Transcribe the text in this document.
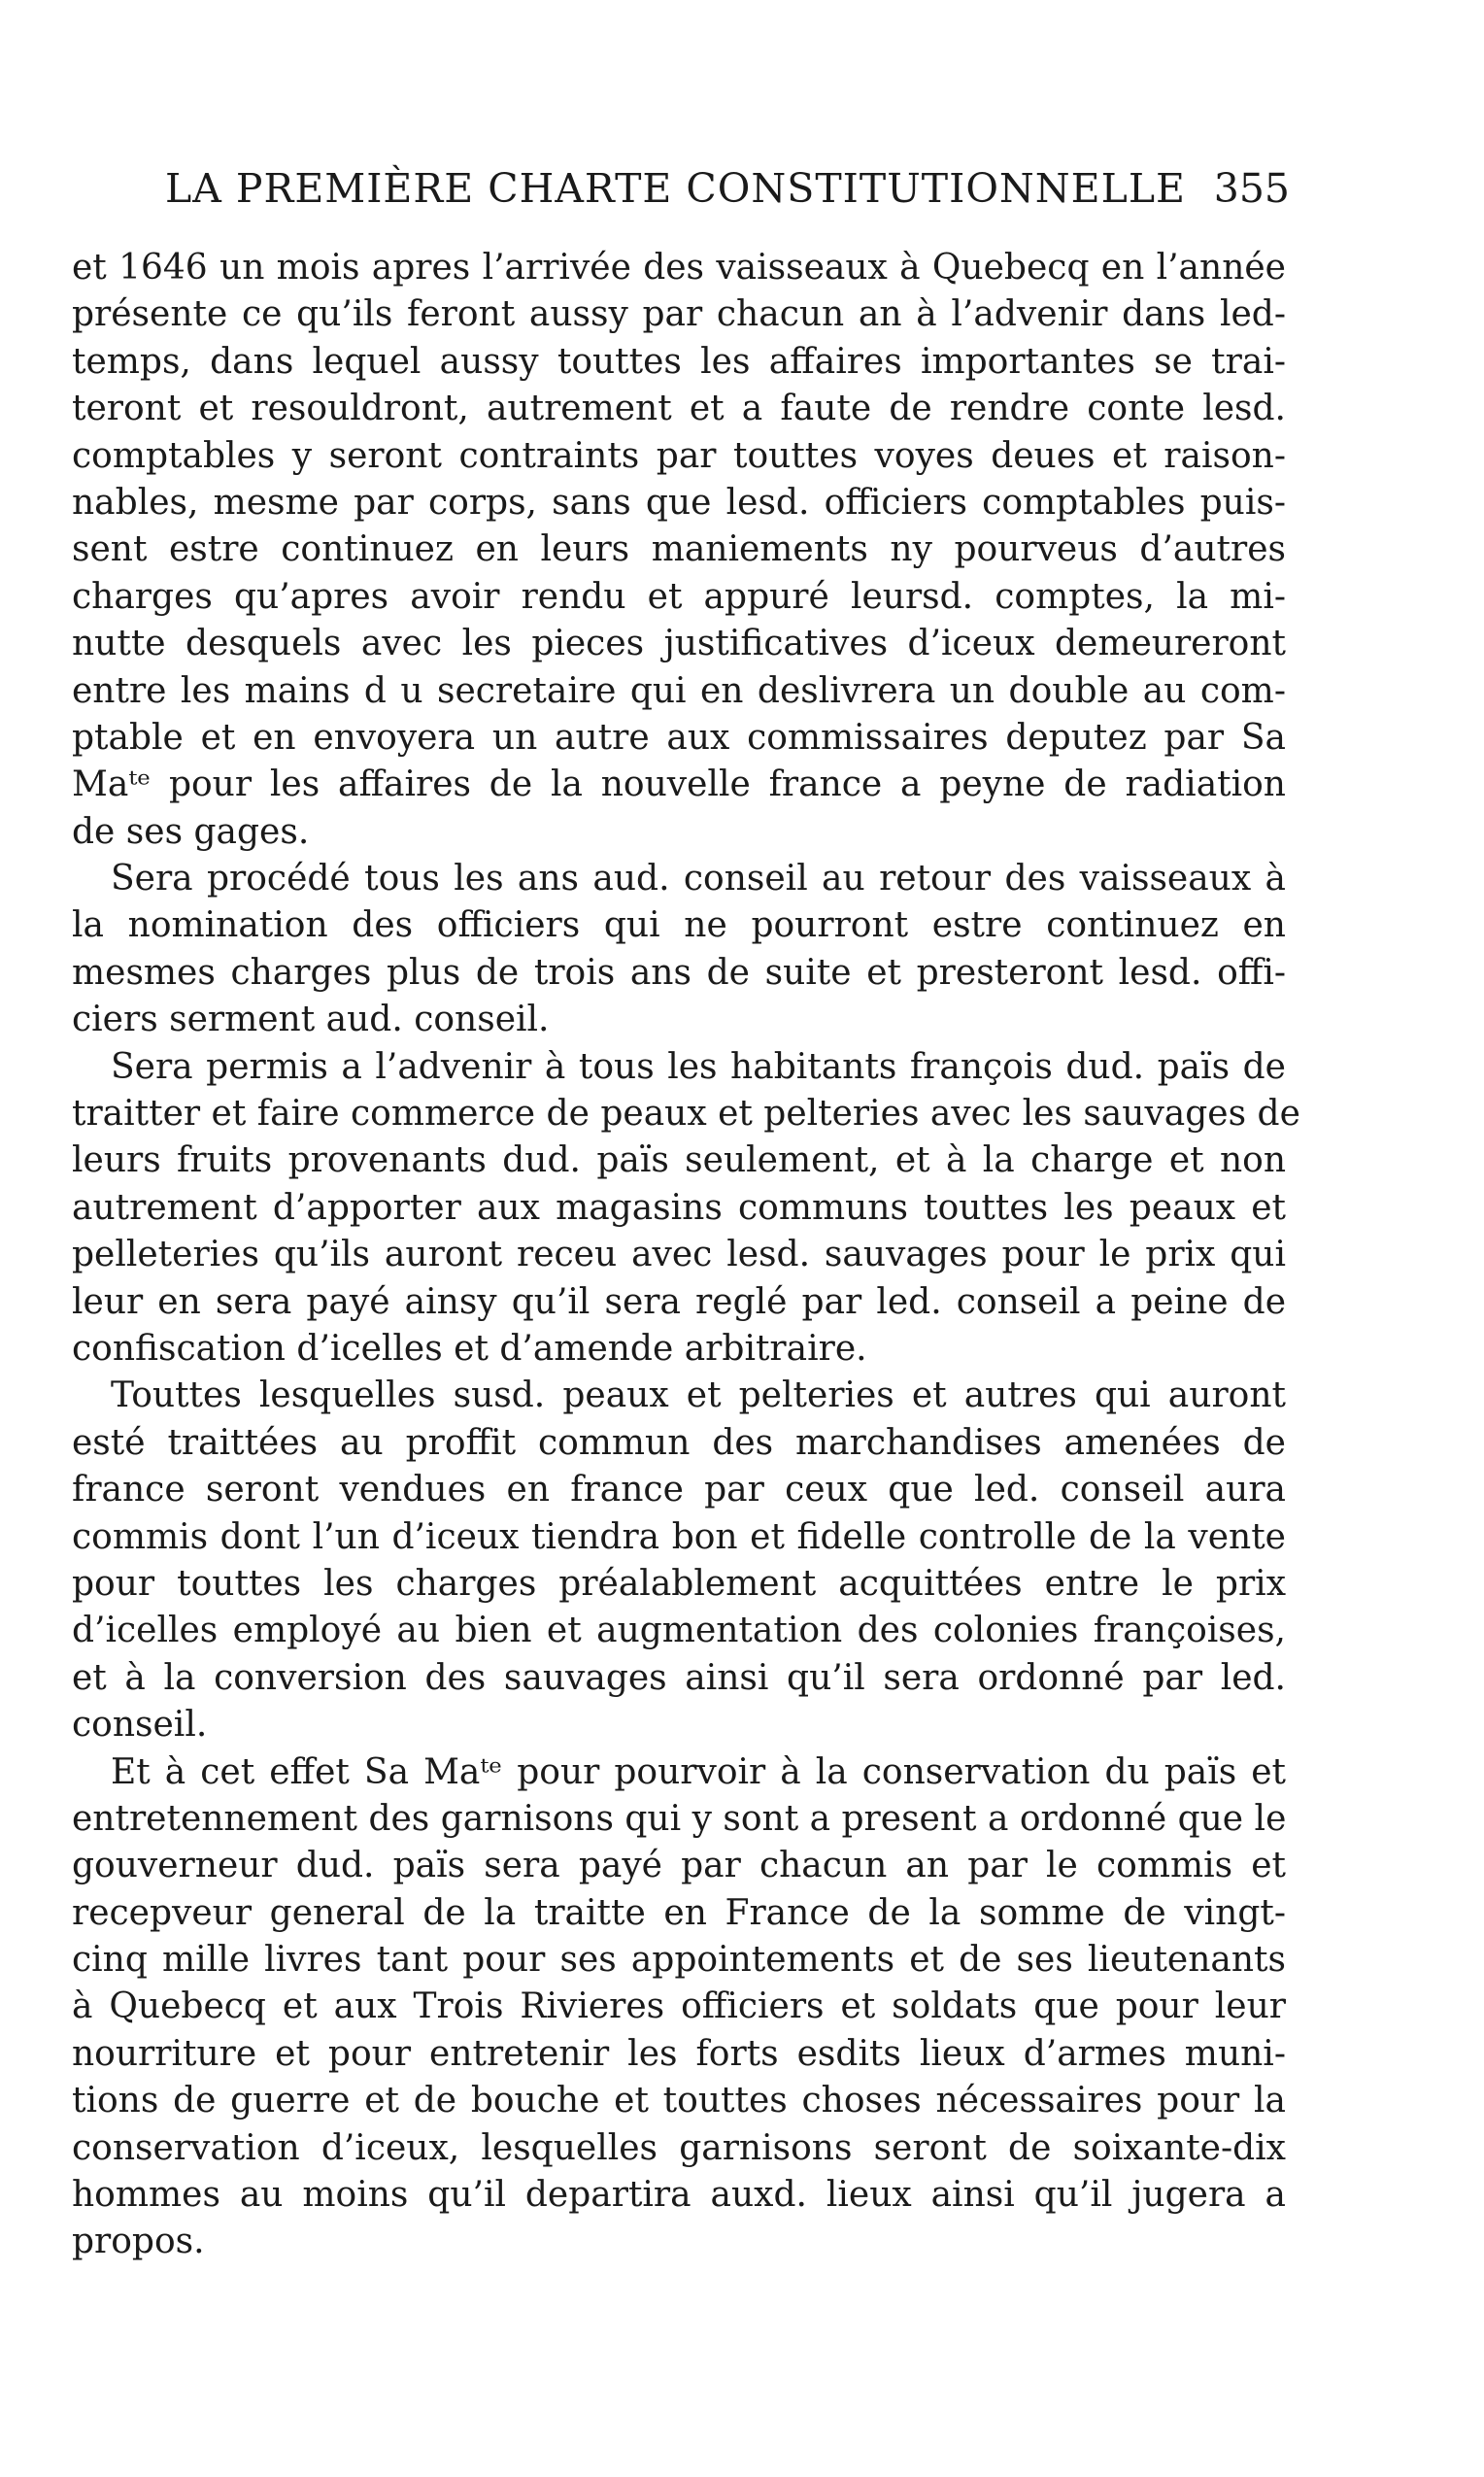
LA PREMIÈRE CHARTE CONSTITUTIONNELLE 355
et 1646 un mois apres l’arrivée des vaisseaux à Quebecq en l’année
présente ce qu’ils feront aussy par chacun an à l’advenir dans led-
temps, dans lequel aussy touttes les affaires importantes se trai-
teront et resouldront, autrement et a faute de rendre conte lesd.
comptables y seront contraints par touttes voyes deues et raison-
nables, mesme par corps, sans que lesd. officiers comptables puis-
sent estre continuez en leurs maniements ny pourveus d’autres
charges qu’apres avoir rendu et appuré leursd. comptes, la mi-
nutte desquels avec les pieces justificatives d’iceux demeureront
entre les mains d u secretaire qui en deslivrera un double au com-
ptable et en envoyera un autre aux commissaires deputez par Sa
Maᵗᵉ pour les affaires de la nouvelle france a peyne de radiation
de ses gages.
Sera procédé tous les ans aud. conseil au retour des vaisseaux à
la nomination des officiers qui ne pourront estre continuez en
mesmes charges plus de trois ans de suite et presteront lesd. offi-
ciers serment aud. conseil.
Sera permis a l’advenir à tous les habitants françois dud. païs de
traitter et faire commerce de peaux et pelteries avec les sauvages de
leurs fruits provenants dud. païs seulement, et à la charge et non
autrement d’apporter aux magasins communs touttes les peaux et
pelleteries qu’ils auront receu avec lesd. sauvages pour le prix qui
leur en sera payé ainsy qu’il sera reglé par led. conseil a peine de
confiscation d’icelles et d’amende arbitraire.
Touttes lesquelles susd. peaux et pelteries et autres qui auront
esté traittées au proffit commun des marchandises amenées de
france seront vendues en france par ceux que led. conseil aura
commis dont l’un d’iceux tiendra bon et fidelle controlle de la vente
pour touttes les charges préalablement acquittées entre le prix
d’icelles employé au bien et augmentation des colonies françoises,
et à la conversion des sauvages ainsi qu’il sera ordonné par led.
conseil.
Et à cet effet Sa Maᵗᵉ pour pourvoir à la conservation du païs et
entretennement des garnisons qui y sont a present a ordonné que le
gouverneur dud. païs sera payé par chacun an par le commis et
recepveur general de la traitte en France de la somme de vingt-
cinq mille livres tant pour ses appointements et de ses lieutenants
à Quebecq et aux Trois Rivieres officiers et soldats que pour leur
nourriture et pour entretenir les forts esdits lieux d’armes muni-
tions de guerre et de bouche et touttes choses nécessaires pour la
conservation d’iceux, lesquelles garnisons seront de soixante-dix
hommes au moins qu’il departira auxd. lieux ainsi qu’il jugera a
propos.
